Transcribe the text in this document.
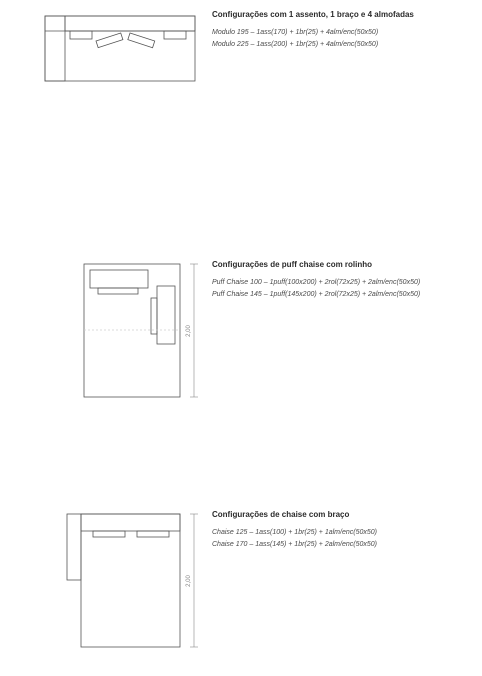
2,00
2,00

Configurações com 1 assento, 1 braço e 4 almofadas

Modulo 195 – 1ass(170) + 1br(25) + 4alm/enc(50x50)

Modulo 225 – 1ass(200) + 1br(25) + 4alm/enc(50x50)

Configurações de puff chaise com rolinho

Puff Chaise 100 – 1puff(100x200) + 2rol(72x25) + 2alm/enc(50x50)

Puff Chaise 145 – 1puff(145x200) + 2rol(72x25) + 2alm/enc(50x50)

Configurações de chaise com braço

Chaise 125 – 1ass(100) + 1br(25) + 1alm/enc(50x50)

Chaise 170 – 1ass(145) + 1br(25) + 2alm/enc(50x50)
